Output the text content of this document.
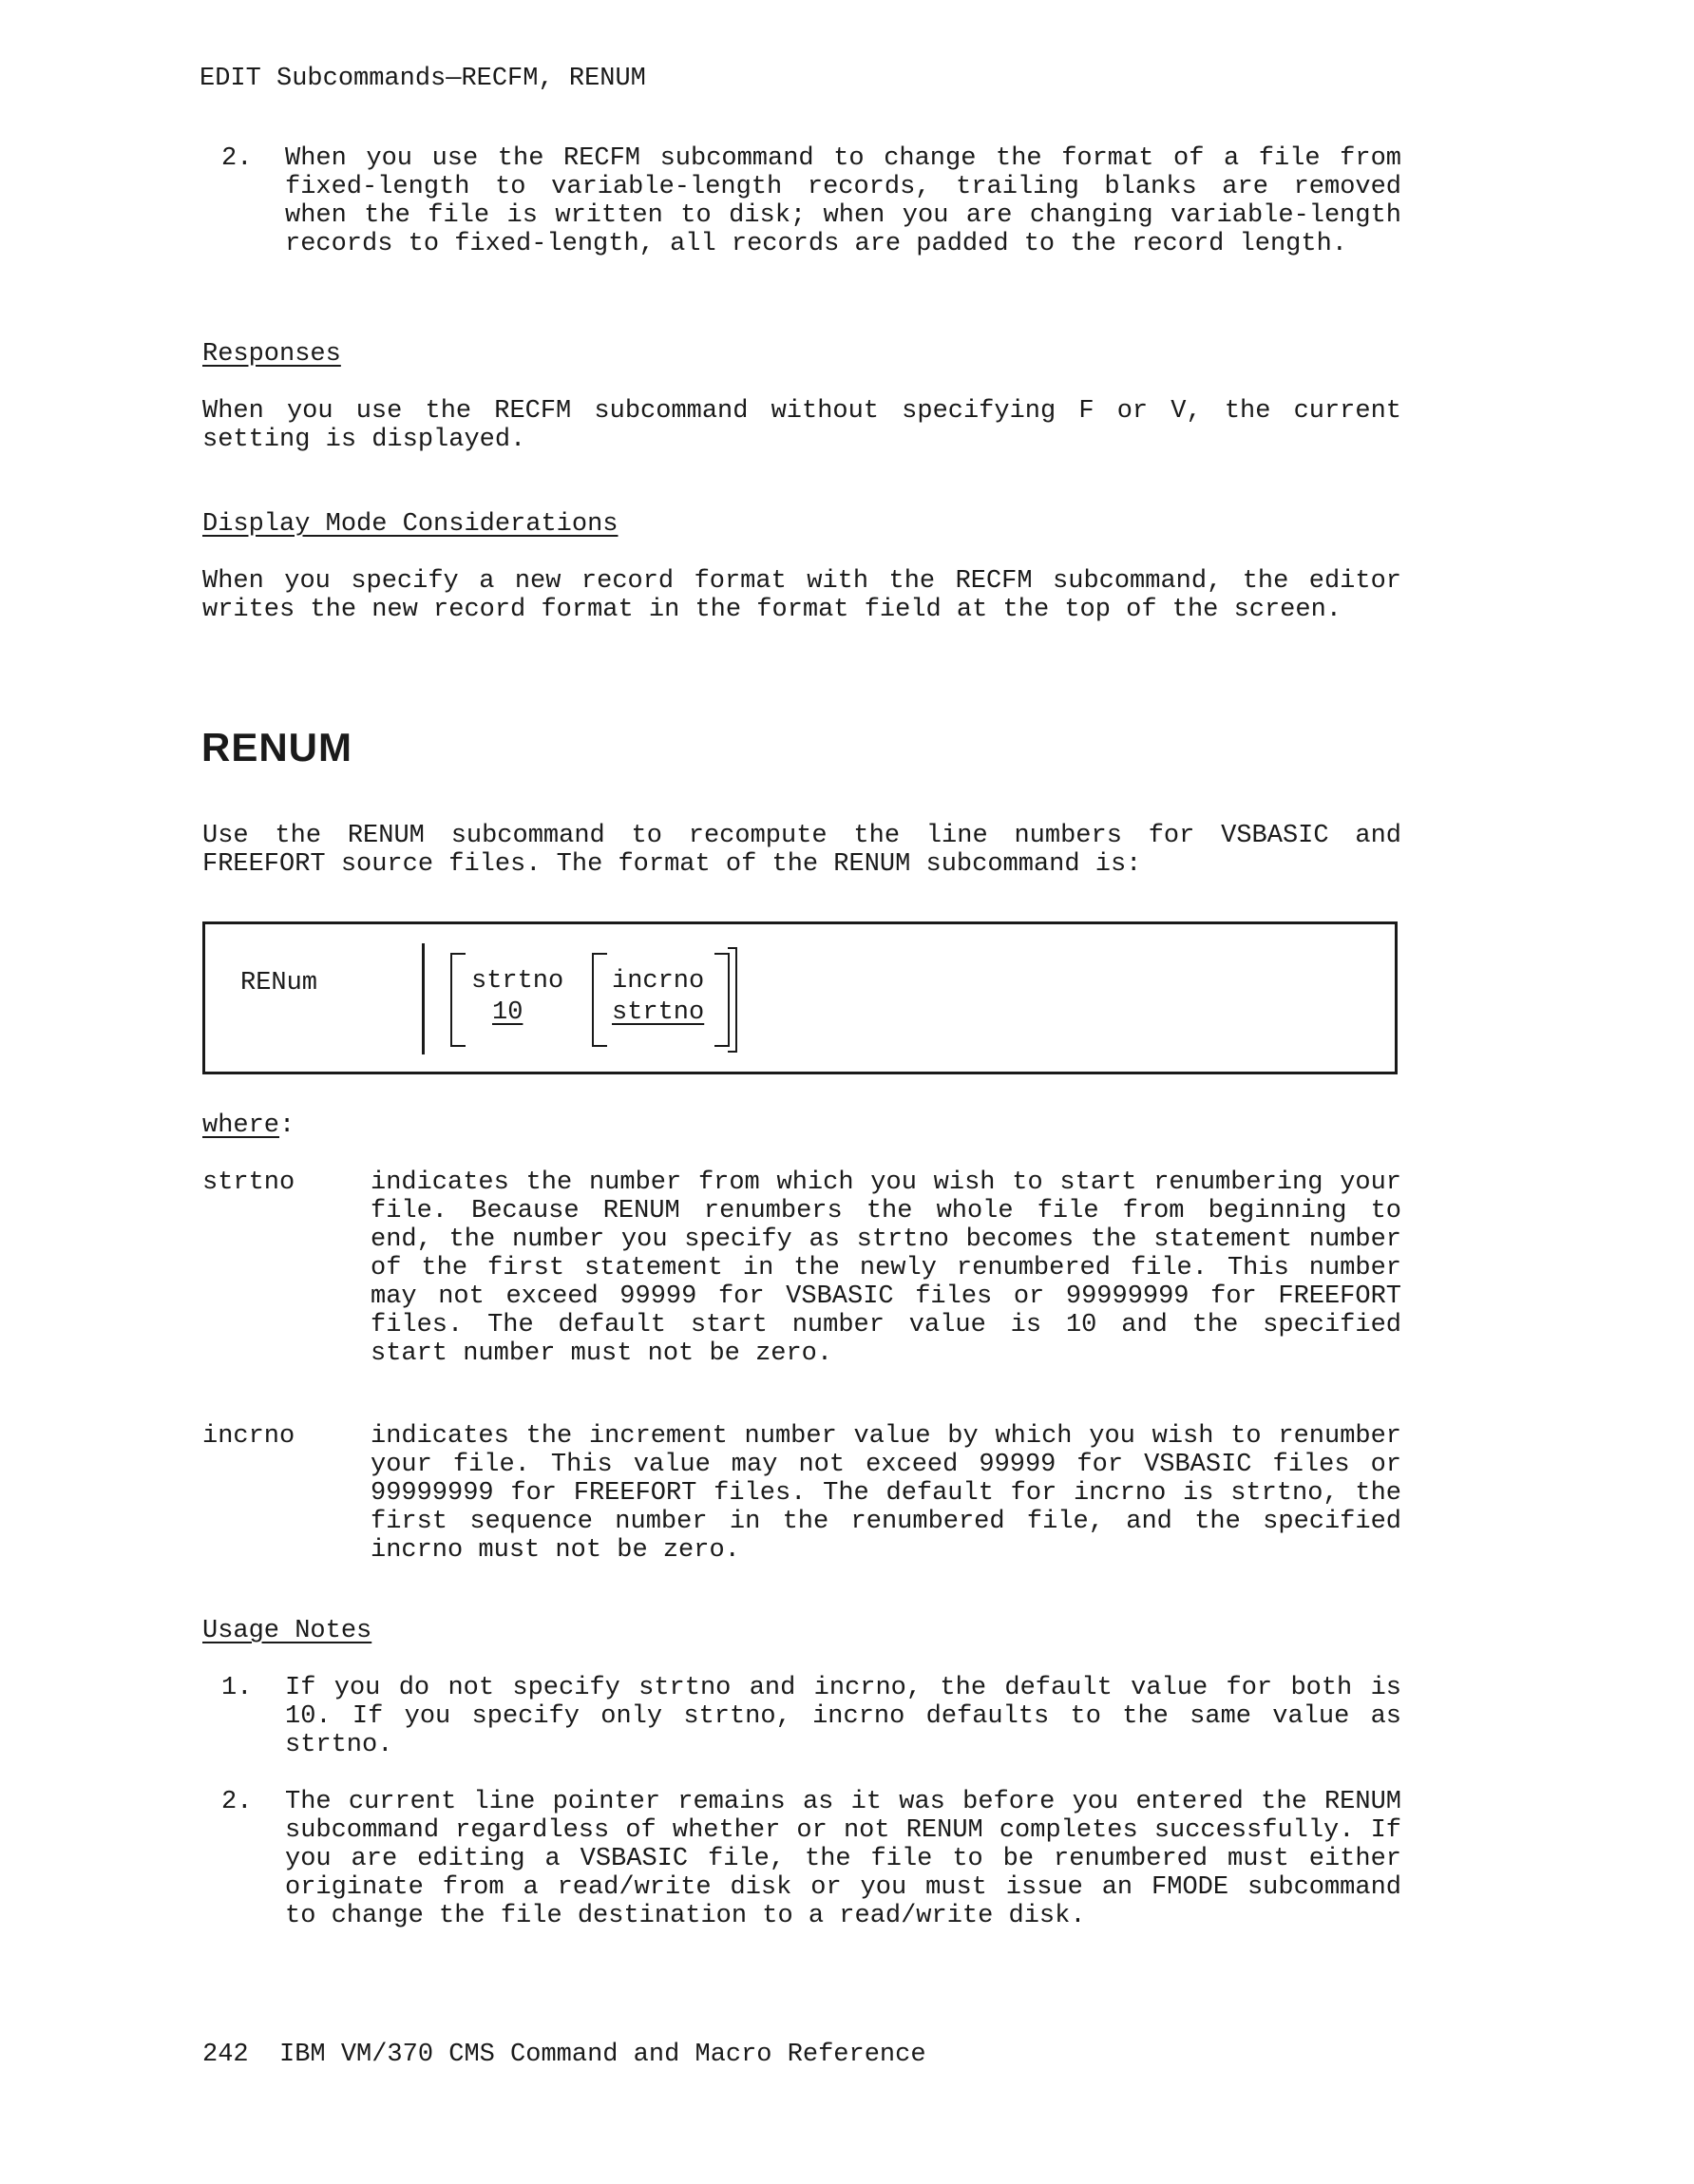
EDIT Subcommands—RECFM, RENUM

2. When you use the RECFM subcommand to change the format of a file from fixed-length to variable-length records, trailing blanks are removed when the file is written to disk; when you are changing variable-length records to fixed-length, all records are padded to the record length.

Responses

When you use the RECFM subcommand without specifying F or V, the current setting is displayed.

Display Mode Considerations

When you specify a new record format with the RECFM subcommand, the editor writes the new record format in the format field at the top of the screen.

RENUM

Use the RENUM subcommand to recompute the line numbers for VSBASIC and FREEFORT source files. The format of the RENUM subcommand is:

RENum	strtno
10
incrno
strtno

where:

strtno	indicates the number from which you wish to start renumbering your file. Because RENUM renumbers the whole file from beginning to end, the number you specify as strtno becomes the statement number of the first statement in the newly renumbered file. This number may not exceed 99999 for VSBASIC files or 99999999 for FREEFORT files. The default start number value is 10 and the specified start number must not be zero.

incrno	indicates the increment number value by which you wish to renumber your file. This value may not exceed 99999 for VSBASIC files or 99999999 for FREEFORT files. The default for incrno is strtno, the first sequence number in the renumbered file, and the specified incrno must not be zero.

Usage Notes

1. If you do not specify strtno and incrno, the default value for both is 10. If you specify only strtno, incrno defaults to the same value as strtno.

2. The current line pointer remains as it was before you entered the RENUM subcommand regardless of whether or not RENUM completes successfully. If you are editing a VSBASIC file, the file to be renumbered must either originate from a read/write disk or you must issue an FMODE subcommand to change the file destination to a read/write disk.

242 IBM VM/370 CMS Command and Macro Reference
